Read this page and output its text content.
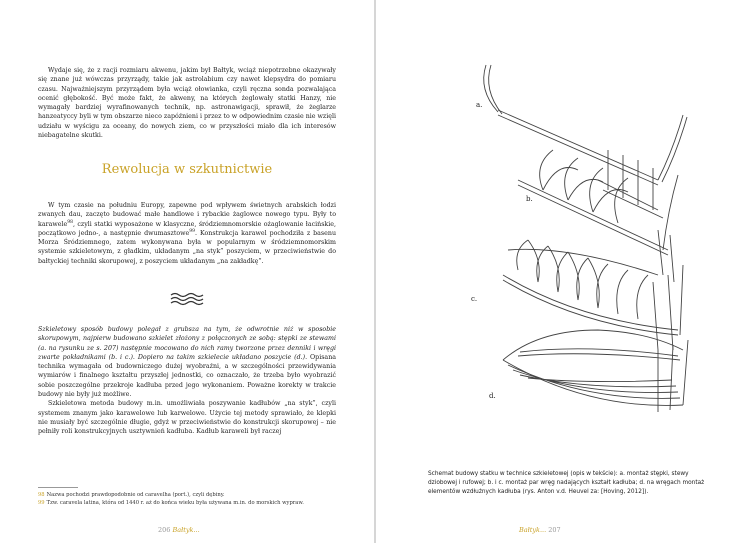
Wydaje się, że z racji rozmiaru akwenu, jakim był Bałtyk, wciąż niepotrzebne okazywały się znane już wówczas przyrządy, takie jak astrolabium czy nawet klepsydra do pomiaru czasu. Najważniejszym przyrządem była wciąż ołowianka, czyli ręczna sonda pozwalająca ocenić głębokość. Być może fakt, że akweny, na których żeglowały statki Hanzy, nie wymagały bardziej wyrafinowanych technik, np. astronawigacji, sprawił, że żeglarze hanzeatyccy byli w tym obszarze nieco zapóźnieni i przez to w odpowiednim czasie nie wzięli udziału w wyścigu za oceany, do nowych ziem, co w przyszłości miało dla ich interesów niebagatelne skutki.

Rewolucja w szkutnictwie

W tym czasie na południu Europy, zapewne pod wpływem świetnych arabskich łodzi zwanych dau, zaczęto budować małe handlowe i rybackie żaglowce nowego typu. Były to karawele$^{98}$, czyli statki wyposażone w klasyczne, śródziemnomorskie ożaglowanie łacińskie, początkowo jedno-, a następnie dwumasztowe$^{99}$. Konstrukcja karawel pochodziła z basenu Morza Śródziemnego, zatem wykonywana była w popularnym w śródziemnomorskim systemie szkieletowym, z gładkim, układanym „na styk” poszyciem, w przeciwieństwie do bałtyckiej techniki skorupowej, z poszyciem układanym „na zakładkę”.

Szkieletowy sposób budowy polegał z grubsza na tym, że odwrotnie niż w sposobie skorupowym, najpierw budowano szkielet złożony z połączonych ze sobą: stępki ze stewami (a. na rysunku ze s. 207) następnie mocowano do nich ramy tworzone przez denniki i wręgi zwarte pokładnikami (b. i c.). Dopiero na takim szkielecie układano poszycie (d.). Opisana technika wymagała od budowniczego dużej wyobraźni, a w szczególności przewidywania wymiarów i finalnego kształtu przyszłej jednostki, co oznaczało, że trzeba było wyobrazić sobie poszczególne przekroje kadłuba przed jego wykonaniem. Poważne korekty w trakcie budowy nie były już możliwe.

Szkieletowa metoda budowy m.in. umożliwiała poszywanie kadłubów „na styk”, czyli systemem znanym jako karawelowe lub karwelowe. Użycie tej metody sprawiało, że klepki nie musiały być szczególnie długie, gdyż w przeciwieństwie do konstrukcji skorupowej – nie pełniły roli konstrukcyjnych usztywnień kadłuba. Kadłub karaweli był raczej

98 Nazwa pochodzi prawdopodobnie od caravelha (port.), czyli dębiny.
99 Tzw. caravela latina, która od 1440 r. aż do końca wieku była używana m.in. do morskich wypraw.
206 Bałtyk...
a.
b.
c.
d.
Schemat budowy statku w technice szkieletowej (opis w tekście): a. montaż stępki, stewy dziobowej i rufowej; b. i c. montaż par wręg nadających kształt kadłuba; d. na wręgach montaż elementów wzdłużnych kadłuba (rys. Anton v.d. Heuvel za: [Hoving, 2012]).
Bałtyk... 207
